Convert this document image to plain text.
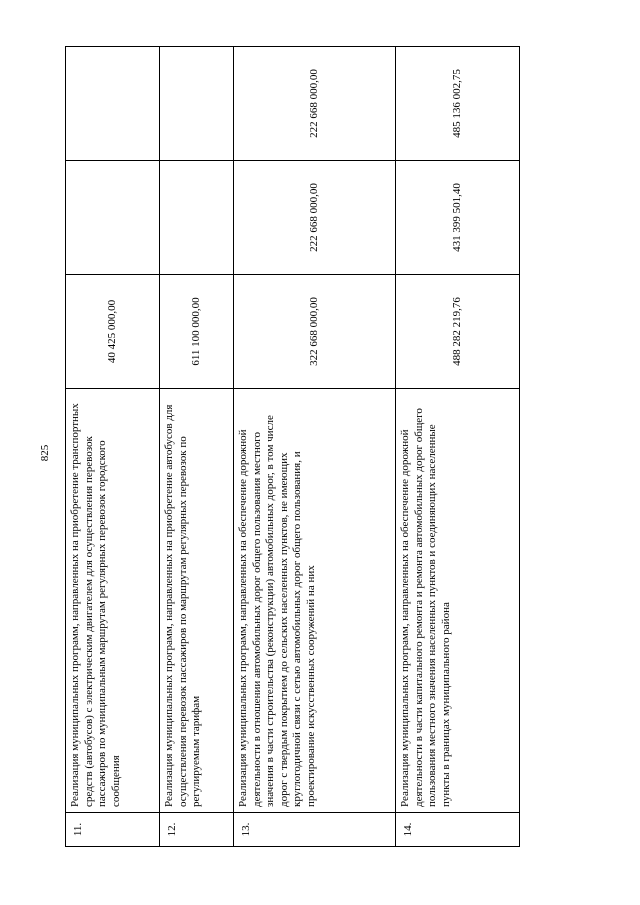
825
11.	Реализация муниципальных программ, направленных на приобретение транспортных средств (автобусов) с электрическим двигателем для осуществления перевозок пассажиров по муниципальным маршрутам регулярных перевозок городского сообщения	40 425 000,00		
12.	Реализация муниципальных программ, направленных на приобретение автобусов для осуществления перевозок пассажиров по маршрутам регулярных перевозок по регулируемым тарифам	611 100 000,00		
13.	Реализация муниципальных программ, направленных на обеспечение дорожной деятельности в отношении автомобильных дорог общего пользования местного значения в части строительства (реконструкции) автомобильных дорог, в том числе дорог с твердым покрытием до сельских населенных пунктов, не имеющих круглогодичной связи с сетью автомобильных дорог общего пользования, и проектирование искусственных сооружений на них	322 668 000,00	222 668 000,00	222 668 000,00
14.	Реализация муниципальных программ, направленных на обеспечение дорожной деятельности в части капитального ремонта и ремонта автомобильных дорог общего пользования местного значения населенных пунктов и соединяющих населенные пункты в границах муниципального района	488 282 219,76	431 399 501,40	485 136 002,75
